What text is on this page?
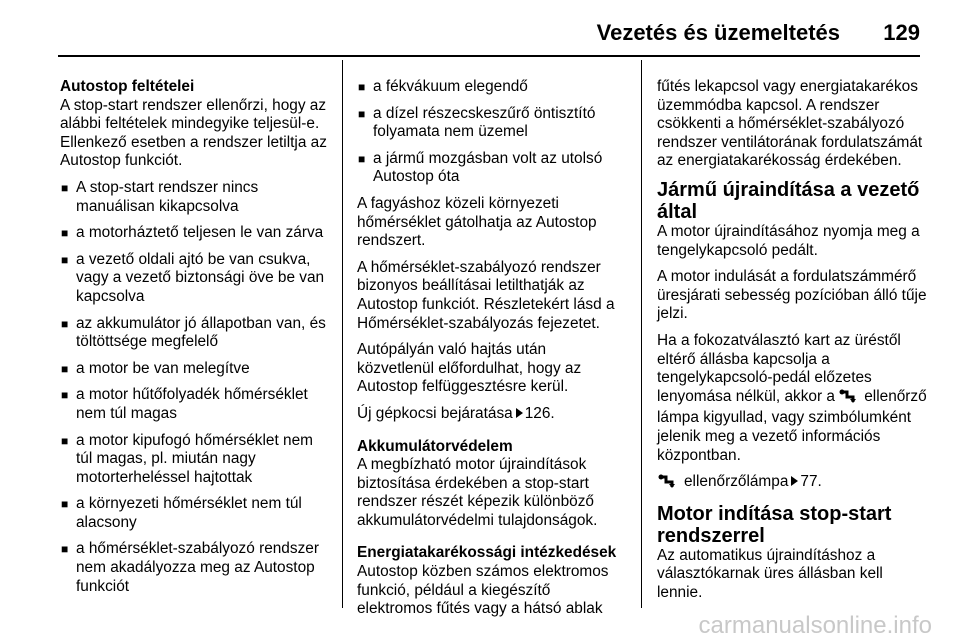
Vezetés és üzemeltetés 129

Autostop feltételei

A stop-start rendszer ellenőrzi, hogy az alábbi feltételek mindegyike teljesül-e. Ellenkező esetben a rendszer letiltja az Autostop funkciót.

■ A stop-start rendszer nincs manuálisan kikapcsolva
■ a motorháztető teljesen le van zárva
■ a vezető oldali ajtó be van csukva, vagy a vezető biztonsági öve be van kapcsolva
■ az akkumulátor jó állapotban van, és töltöttsége megfelelő
■ a motor be van melegítve
■ a motor hűtőfolyadék hőmérséklet nem túl magas
■ a motor kipufogó hőmérséklet nem túl magas, pl. miután nagy motorterheléssel hajtottak
■ a környezeti hőmérséklet nem túl alacsony
■ a hőmérséklet-szabályozó rendszer nem akadályozza meg az Autostop funkciót
■ a fékvákuum elegendő
■ a dízel részecskeszűrő öntisztító folyamata nem üzemel
■ a jármű mozgásban volt az utolsó Autostop óta

A fagyáshoz közeli környezeti hőmérséklet gátolhatja az Autostop rendszert.

A hőmérséklet-szabályozó rendszer bizonyos beállításai letilthatják az Autostop funkciót. Részletekért lásd a Hőmérséklet-szabályozás fejezetet.

Autópályán való hajtás után közvetlenül előfordulhat, hogy az Autostop felfüggesztésre kerül.

Új gépkocsi bejáratása 126.

Akkumulátorvédelem

A megbízható motor újraindítások biztosítása érdekében a stop-start rendszer részét képezik különböző akkumulátorvédelmi tulajdonságok.

Energiatakarékossági intézkedések

Autostop közben számos elektromos funkció, például a kiegészítő elektromos fűtés vagy a hátsó ablak

fűtés lekapcsol vagy energiatakarékos üzemmódba kapcsol. A rendszer csökkenti a hőmérséklet-szabályozó rendszer ventilátorának fordulatszámát az energiatakarékosság érdekében.

Jármű újraindítása a vezető által

A motor újraindításához nyomja meg a tengelykapcsoló pedált.

A motor indulását a fordulatszámmérő üresjárati sebesség pozícióban álló tűje jelzi.

Ha a fokozatválasztó kart az üréstől eltérő állásba kapcsolja a tengelykapcsoló-pedál előzetes lenyomása nélkül, akkor a ellenőrző lámpa kigyullad, vagy szimbólumként jelenik meg a vezető információs központban.

ellenőrzőlámpa 77.

Motor indítása stop-start rendszerrel

Az automatikus újraindításhoz a választókarnak üres állásban kell lennie.

carmanualsonline.info
